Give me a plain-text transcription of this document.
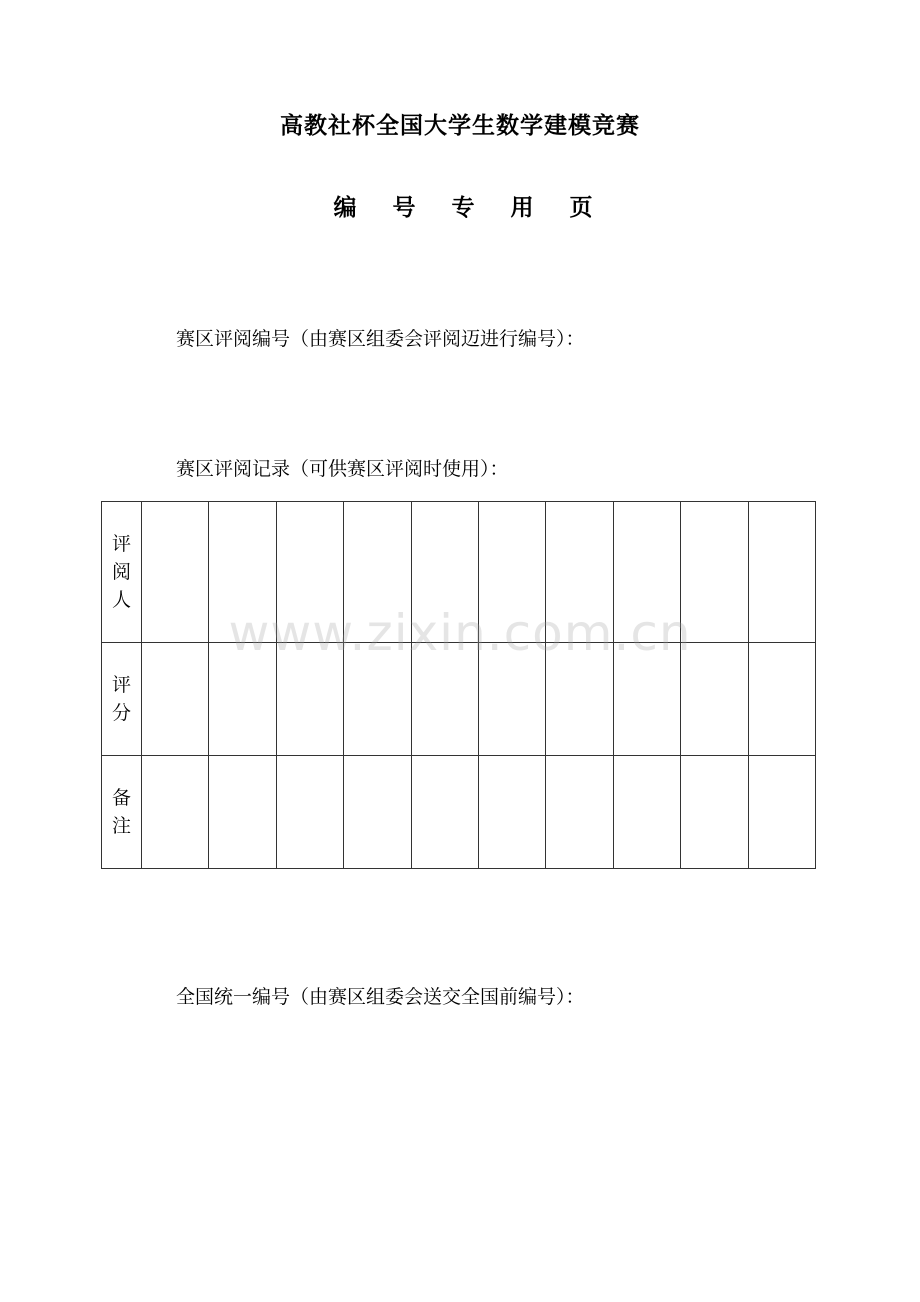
高教社杯全国大学生数学建模竞赛
编 号 专 用 页
赛区评阅编号（由赛区组委会评阅迈进行编号）：
赛区评阅记录（可供赛区评阅时使用）：
评阅人										
评分										
备注										
www.zixin.com.cn
全国统一编号（由赛区组委会送交全国前编号）：
